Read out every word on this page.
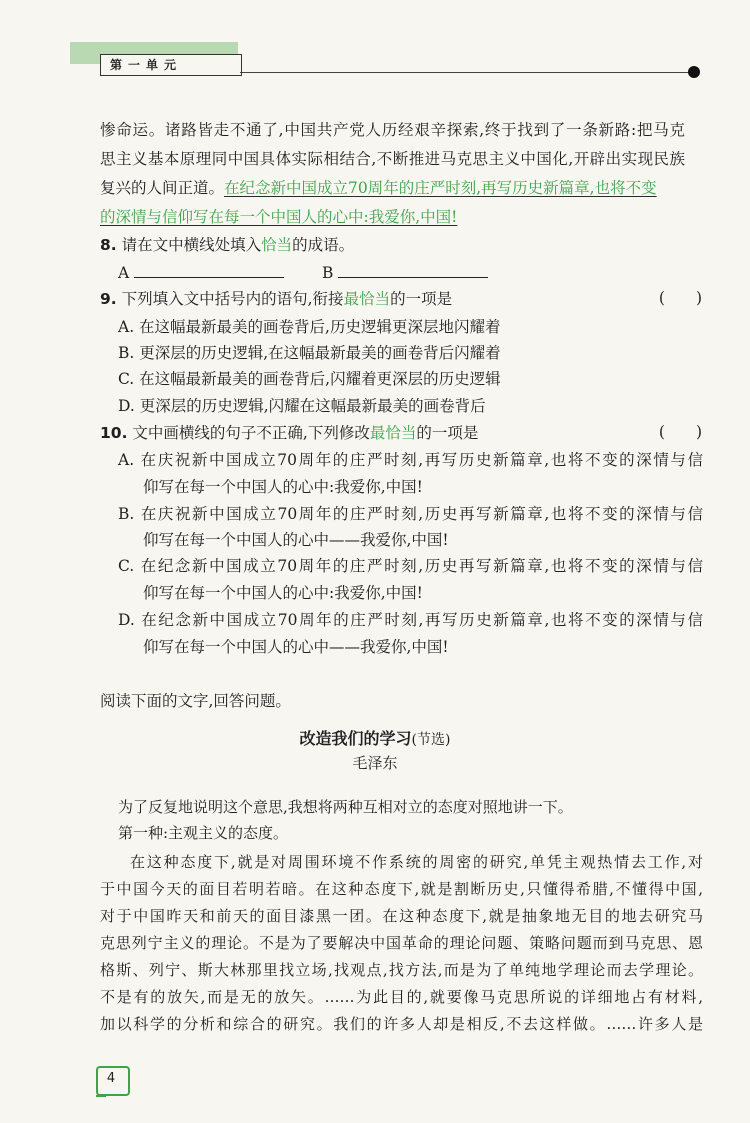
第一单元
惨命运。诸路皆走不通了,中国共产党人历经艰辛探索,终于找到了一条新路:把马克
思主义基本原理同中国具体实际相结合,不断推进马克思主义中国化,开辟出实现民族
复兴的人间正道。在纪念新中国成立70周年的庄严时刻,再写历史新篇章,也将不变
的深情与信仰写在每一个中国人的心中:我爱你,中国!
8. 请在文中横线处填入恰当的成语。
A	B
9. 下列填入文中括号内的语句,衔接最恰当的一项是	(　　)
A. 在这幅最新最美的画卷背后,历史逻辑更深层地闪耀着
B. 更深层的历史逻辑,在这幅最新最美的画卷背后闪耀着
C. 在这幅最新最美的画卷背后,闪耀着更深层的历史逻辑
D. 更深层的历史逻辑,闪耀在这幅最新最美的画卷背后
10. 文中画横线的句子不正确,下列修改最恰当的一项是	(　　)
A. 在庆祝新中国成立70周年的庄严时刻,再写历史新篇章,也将不变的深情与信
仰写在每一个中国人的心中:我爱你,中国!
B. 在庆祝新中国成立70周年的庄严时刻,历史再写新篇章,也将不变的深情与信
仰写在每一个中国人的心中——我爱你,中国!
C. 在纪念新中国成立70周年的庄严时刻,历史再写新篇章,也将不变的深情与信
仰写在每一个中国人的心中:我爱你,中国!
D. 在纪念新中国成立70周年的庄严时刻,再写历史新篇章,也将不变的深情与信
仰写在每一个中国人的心中——我爱你,中国!
阅读下面的文字,回答问题。
改造我们的学习(节选)
毛泽东
为了反复地说明这个意思,我想将两种互相对立的态度对照地讲一下。
第一种:主观主义的态度。
在这种态度下,就是对周围环境不作系统的周密的研究,单凭主观热情去工作,对
于中国今天的面目若明若暗。在这种态度下,就是割断历史,只懂得希腊,不懂得中国,
对于中国昨天和前天的面目漆黑一团。在这种态度下,就是抽象地无目的地去研究马
克思列宁主义的理论。不是为了要解决中国革命的理论问题、策略问题而到马克思、恩
格斯、列宁、斯大林那里找立场,找观点,找方法,而是为了单纯地学理论而去学理论。
不是有的放矢,而是无的放矢。……为此目的,就要像马克思所说的详细地占有材料,
加以科学的分析和综合的研究。我们的许多人却是相反,不去这样做。……许多人是
4
